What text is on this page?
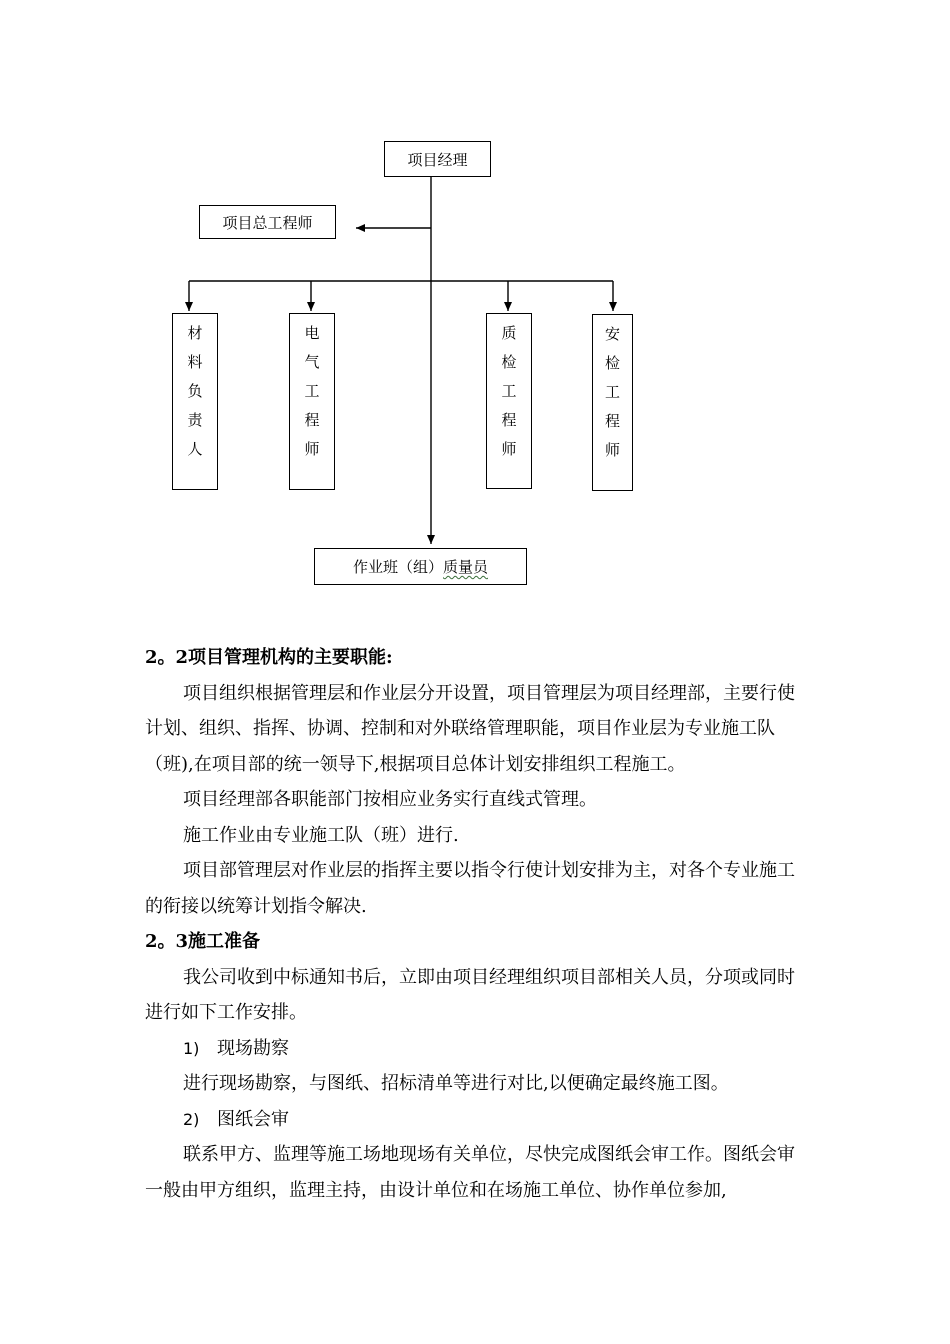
项目经理
项目总工程师
材
料
负
责
人
电
气
工
程
师
质
检
工
程
师
安
检
工
程
师
作业班（组）质量员

2。2项目管理机构的主要职能:

项目组织根据管理层和作业层分开设置，项目管理层为项目经理部，主要行使计划、组织、指挥、协调、控制和对外联络管理职能，项目作业层为专业施工队（班),在项目部的统一领导下,根据项目总体计划安排组织工程施工。

项目经理部各职能部门按相应业务实行直线式管理。

施工作业由专业施工队（班）进行.

项目部管理层对作业层的指挥主要以指令行使计划安排为主，对各个专业施工的衔接以统筹计划指令解决.

2。3施工准备

我公司收到中标通知书后，立即由项目经理组织项目部相关人员，分项或同时进行如下工作安排。

1) 现场勘察

进行现场勘察，与图纸、招标清单等进行对比,以便确定最终施工图。

2) 图纸会审

联系甲方、监理等施工场地现场有关单位，尽快完成图纸会审工作。图纸会审一般由甲方组织，监理主持，由设计单位和在场施工单位、协作单位参加,
